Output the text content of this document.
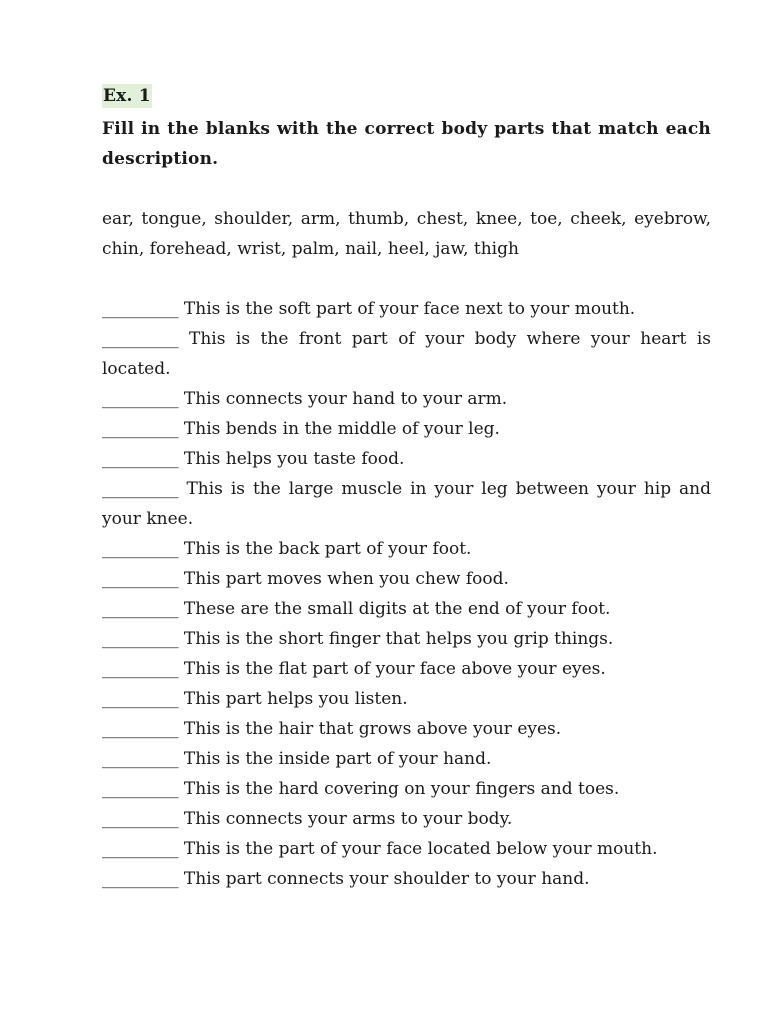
Ex. 1

Fill in the blanks with the correct body parts that match each description.

ear, tongue, shoulder, arm, thumb, chest, knee, toe, cheek, eyebrow, chin, forehead, wrist, palm, nail, heel, jaw, thigh

_________ This is the soft part of your face next to your mouth.
_________ This is the front part of your body where your heart is located.
_________ This connects your hand to your arm.
_________ This bends in the middle of your leg.
_________ This helps you taste food.
_________ This is the large muscle in your leg between your hip and your knee.
_________ This is the back part of your foot.
_________ This part moves when you chew food.
_________ These are the small digits at the end of your foot.
_________ This is the short finger that helps you grip things.
_________ This is the flat part of your face above your eyes.
_________ This part helps you listen.
_________ This is the hair that grows above your eyes.
_________ This is the inside part of your hand.
_________ This is the hard covering on your fingers and toes.
_________ This connects your arms to your body.
_________ This is the part of your face located below your mouth.
_________ This part connects your shoulder to your hand.
